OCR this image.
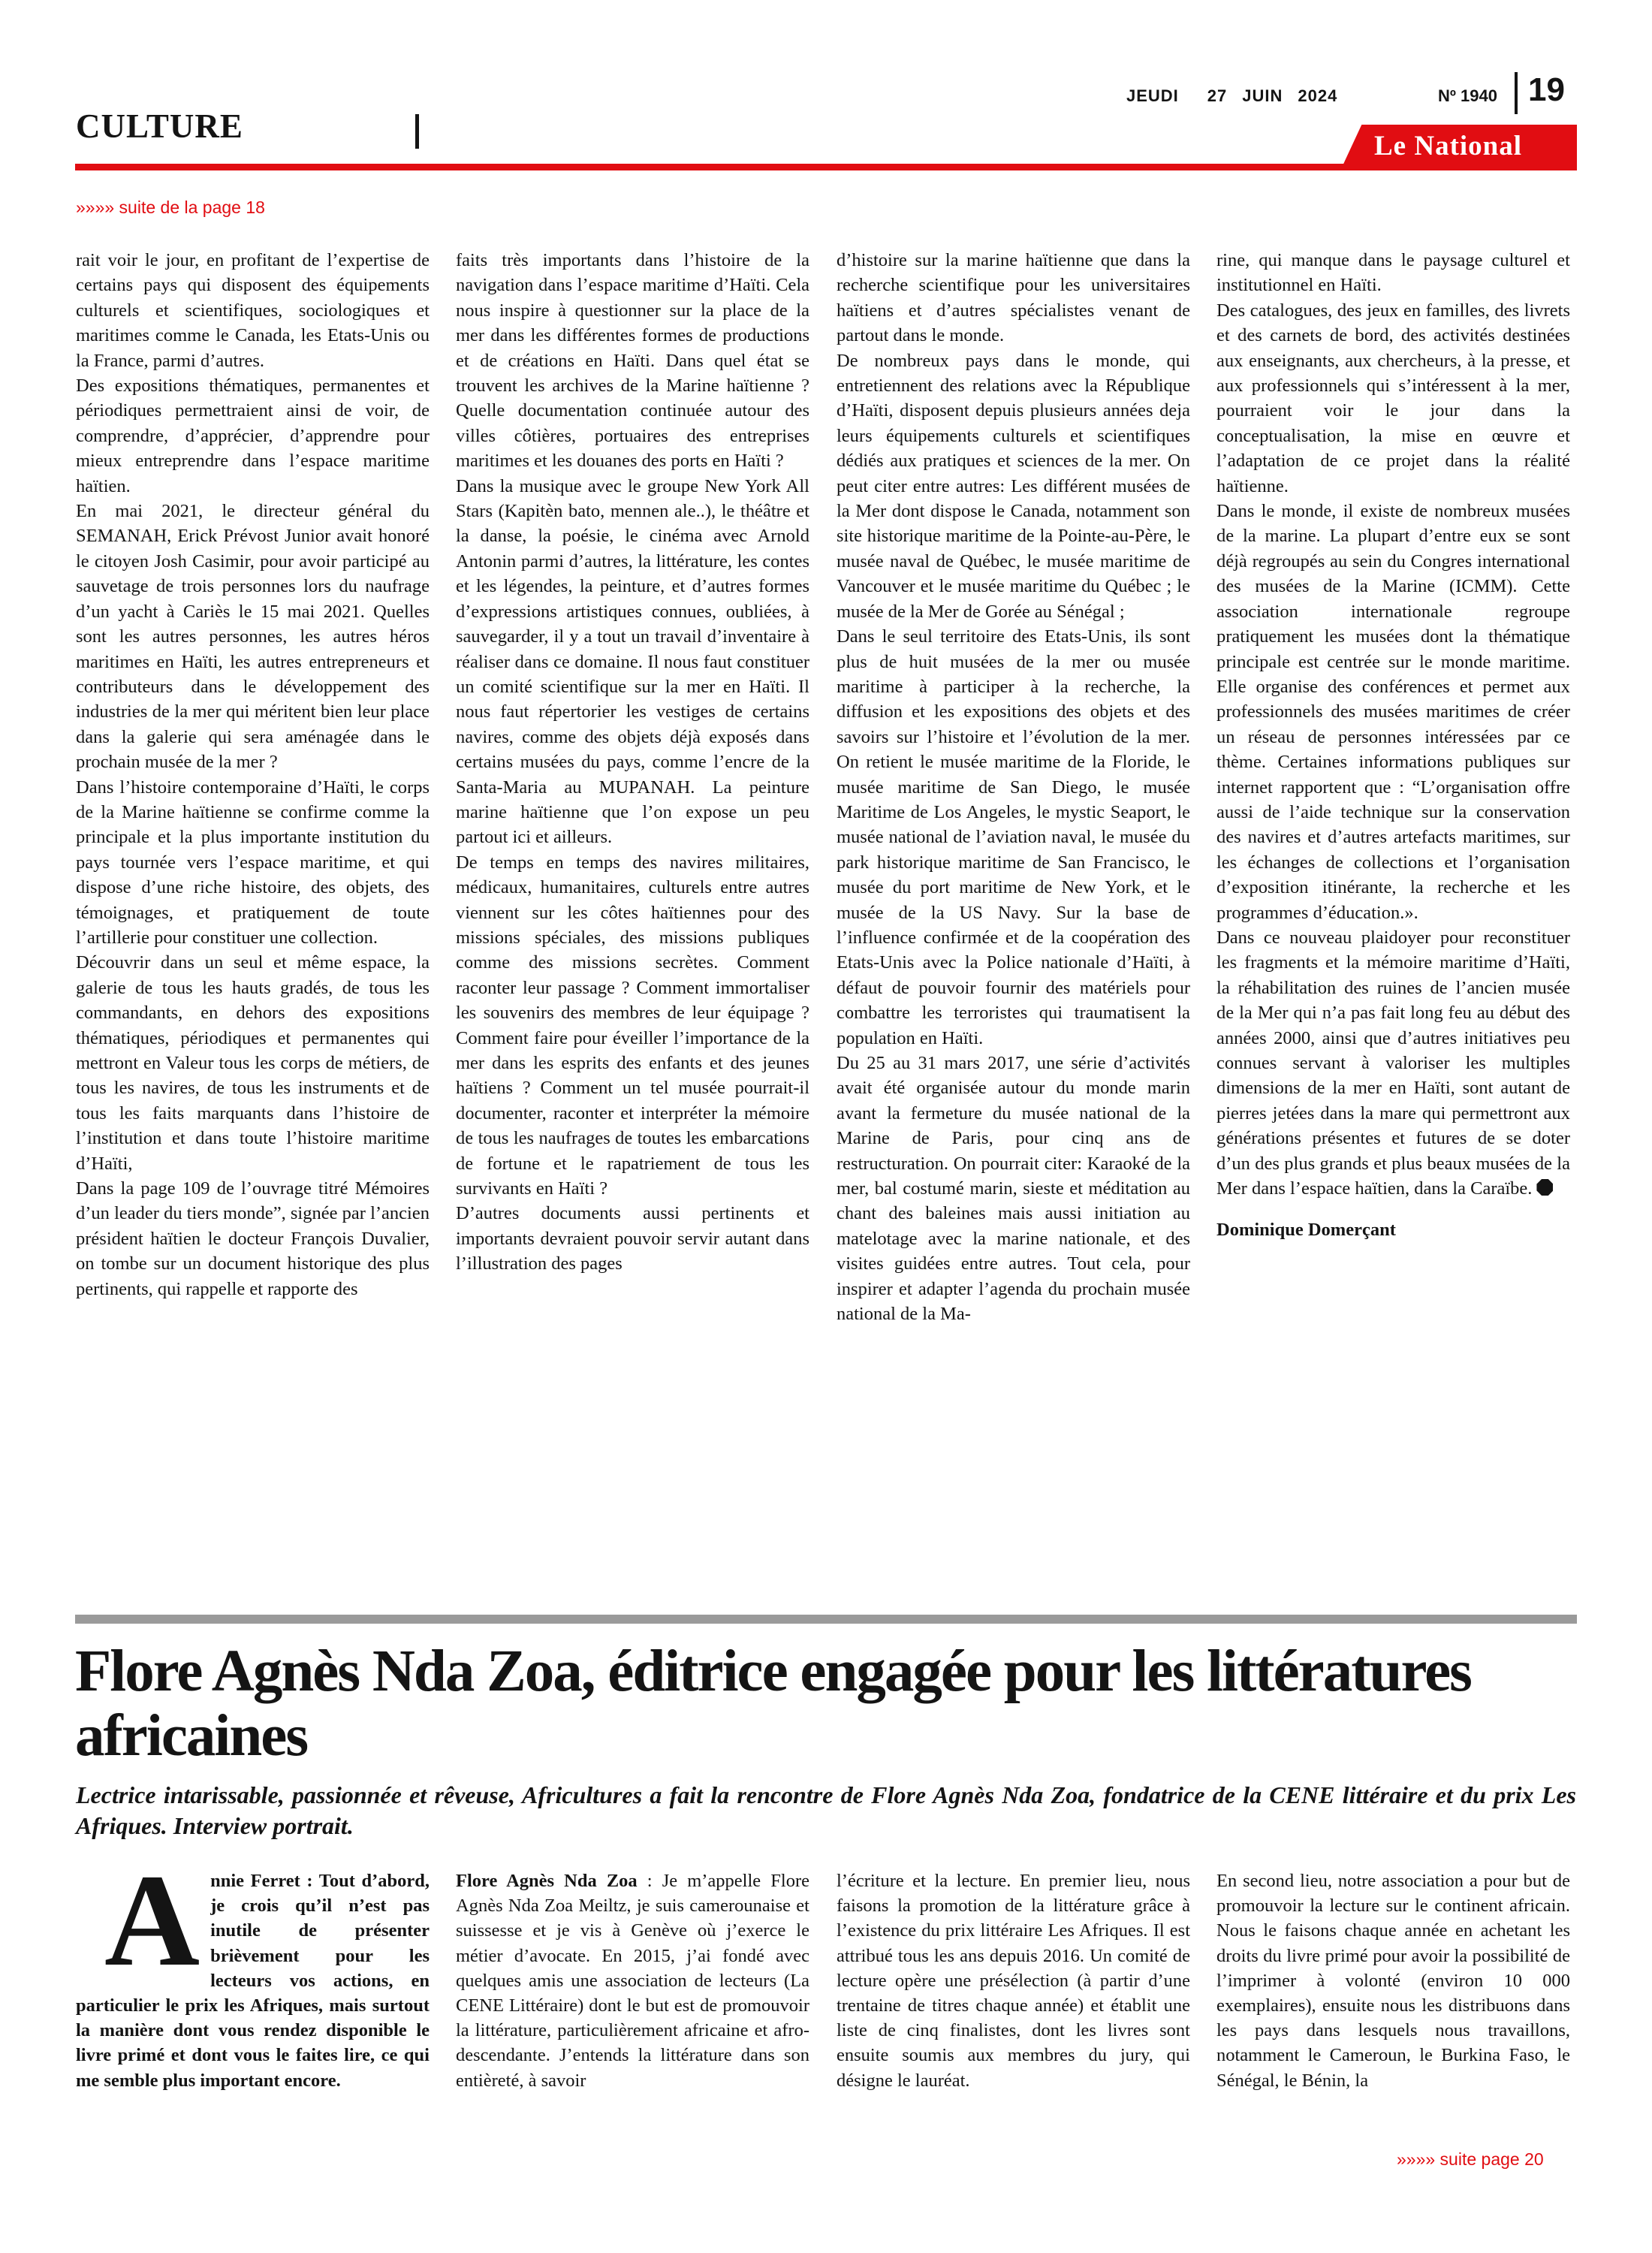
CULTURE
JEUDI 27 JUIN 2024	Nº 1940 19
Le National
»»»» suite de la page 18

rait voir le jour, en profitant de l’expertise de certains pays qui disposent des équipements culturels et scientifiques, sociologiques et maritimes comme le Canada, les Etats-Unis ou la France, parmi d’autres.

Des expositions thématiques, permanentes et périodiques permettraient ainsi de voir, de comprendre, d’apprécier, d’apprendre pour mieux entreprendre dans l’espace maritime haïtien.

En mai 2021, le directeur général du SEMANAH, Erick Prévost Junior avait honoré le citoyen Josh Casimir, pour avoir participé au sauvetage de trois personnes lors du naufrage d’un yacht à Cariès le 15 mai 2021. Quelles sont les autres personnes, les autres héros maritimes en Haïti, les autres entrepreneurs et contributeurs dans le développement des industries de la mer qui méritent bien leur place dans la galerie qui sera aménagée dans le prochain musée de la mer ?

Dans l’histoire contemporaine d’Haïti, le corps de la Marine haïtienne se confirme comme la principale et la plus importante institution du pays tournée vers l’espace maritime, et qui dispose d’une riche histoire, des objets, des témoignages, et pratiquement de toute l’artillerie pour constituer une collection.

Découvrir dans un seul et même espace, la galerie de tous les hauts gradés, de tous les commandants, en dehors des expositions thématiques, périodiques et permanentes qui mettront en Valeur tous les corps de métiers, de tous les navires, de tous les instruments et de tous les faits marquants dans l’histoire de l’institution et dans toute l’histoire maritime d’Haïti,

Dans la page 109 de l’ouvrage titré Mémoires d’un leader du tiers monde”, signée par l’ancien président haïtien le docteur François Duvalier, on tombe sur un document historique des plus pertinents, qui rappelle et rapporte des

faits très importants dans l’histoire de la navigation dans l’espace maritime d’Haïti. Cela nous inspire à questionner sur la place de la mer dans les différentes formes de productions et de créations en Haïti. Dans quel état se trouvent les archives de la Marine haïtienne ? Quelle documentation continuée autour des villes côtières, portuaires des entreprises maritimes et les douanes des ports en Haïti ?

Dans la musique avec le groupe New York All Stars (Kapitèn bato, mennen ale..), le théâtre et la danse, la poésie, le cinéma avec Arnold Antonin parmi d’autres, la littérature, les contes et les légendes, la peinture, et d’autres formes d’expressions artistiques connues, oubliées, à sauvegarder, il y a tout un travail d’inventaire à réaliser dans ce domaine. Il nous faut constituer un comité scientifique sur la mer en Haïti. Il nous faut répertorier les vestiges de certains navires, comme des objets déjà exposés dans certains musées du pays, comme l’encre de la Santa-Maria au MUPANAH. La peinture marine haïtienne que l’on expose un peu partout ici et ailleurs.

De temps en temps des navires militaires, médicaux, humanitaires, culturels entre autres viennent sur les côtes haïtiennes pour des missions spéciales, des missions publiques comme des missions secrètes. Comment raconter leur passage ? Comment immortaliser les souvenirs des membres de leur équipage ? Comment faire pour éveiller l’importance de la mer dans les esprits des enfants et des jeunes haïtiens ? Comment un tel musée pourrait-il documenter, raconter et interpréter la mémoire de tous les naufrages de toutes les embarcations de fortune et le rapatriement de tous les survivants en Haïti ?

D’autres documents aussi pertinents et importants devraient pouvoir servir autant dans l’illustration des pages

d’histoire sur la marine haïtienne que dans la recherche scientifique pour les universitaires haïtiens et d’autres spécialistes venant de partout dans le monde.

De nombreux pays dans le monde, qui entretiennent des relations avec la République d’Haïti, disposent depuis plusieurs années deja leurs équipements culturels et scientifiques dédiés aux pratiques et sciences de la mer. On peut citer entre autres: Les différent musées de la Mer dont dispose le Canada, notamment son site historique maritime de la Pointe-au-Père, le musée naval de Québec, le musée maritime de Vancouver et le musée maritime du Québec ; le musée de la Mer de Gorée au Sénégal ;

Dans le seul territoire des Etats-Unis, ils sont plus de huit musées de la mer ou musée maritime à participer à la recherche, la diffusion et les expositions des objets et des savoirs sur l’histoire et l’évolution de la mer. On retient le musée maritime de la Floride, le musée maritime de San Diego, le musée Maritime de Los Angeles, le mystic Seaport, le musée national de l’aviation naval, le musée du park historique maritime de San Francisco, le musée du port maritime de New York, et le musée de la US Navy. Sur la base de l’influence confirmée et de la coopération des Etats-Unis avec la Police nationale d’Haïti, à défaut de pouvoir fournir des matériels pour combattre les terroristes qui traumatisent la population en Haïti.

Du 25 au 31 mars 2017, une série d’activités avait été organisée autour du monde marin avant la fermeture du musée national de la Marine de Paris, pour cinq ans de restructuration. On pourrait citer: Karaoké de la mer, bal costumé marin, sieste et méditation au chant des baleines mais aussi initiation au matelotage avec la marine nationale, et des visites guidées entre autres. Tout cela, pour inspirer et adapter l’agenda du prochain musée national de la Ma-

rine, qui manque dans le paysage culturel et institutionnel en Haïti.

Des catalogues, des jeux en familles, des livrets et des carnets de bord, des activités destinées aux enseignants, aux chercheurs, à la presse, et aux professionnels qui s’intéressent à la mer, pourraient voir le jour dans la conceptualisation, la mise en œuvre et l’adaptation de ce projet dans la réalité haïtienne.

Dans le monde, il existe de nombreux musées de la marine. La plupart d’entre eux se sont déjà regroupés au sein du Congres international des musées de la Marine (ICMM). Cette association internationale regroupe pratiquement les musées dont la thématique principale est centrée sur le monde maritime. Elle organise des conférences et permet aux professionnels des musées maritimes de créer un réseau de personnes intéressées par ce thème. Certaines informations publiques sur internet rapportent que : “L’organisation offre aussi de l’aide technique sur la conservation des navires et d’autres artefacts maritimes, sur les échanges de collections et l’organisation d’exposition itinérante, la recherche et les programmes d’éducation.».

Dans ce nouveau plaidoyer pour reconstituer les fragments et la mémoire maritime d’Haïti, la réhabilitation des ruines de l’ancien musée de la Mer qui n’a pas fait long feu au début des années 2000, ainsi que d’autres initiatives peu connues servant à valoriser les multiples dimensions de la mer en Haïti, sont autant de pierres jetées dans la mare qui permettront aux générations présentes et futures de se doter d’un des plus grands et plus beaux musées de la Mer dans l’espace haïtien, dans la Caraïbe.

Dominique Domerçant

Flore Agnès Nda Zoa, éditrice engagée pour les littératures africaines
Lectrice intarissable, passionnée et rêveuse, Africultures a fait la rencontre de Flore Agnès Nda Zoa, fondatrice de la CENE littéraire et du prix Les Afriques. Interview portrait.
A nnie Ferret : Tout d’abord, je crois qu’il n’est pas inutile de présenter brièvement pour les lecteurs vos actions, en particulier le prix les Afriques, mais surtout la manière dont vous rendez disponible le livre primé et dont vous le faites lire, ce qui me semble plus important encore.

Flore Agnès Nda Zoa : Je m’appelle Flore Agnès Nda Zoa Meiltz, je suis camerounaise et suissesse et je vis à Genève où j’exerce le métier d’avocate. En 2015, j’ai fondé avec quelques amis une association de lecteurs (La CENE Littéraire) dont le but est de promouvoir la littérature, particulièrement africaine et afro-descendante. J’entends la littérature dans son entièreté, à savoir

l’écriture et la lecture. En premier lieu, nous faisons la promotion de la littérature grâce à l’existence du prix littéraire Les Afriques. Il est attribué tous les ans depuis 2016. Un comité de lecture opère une présélection (à partir d’une trentaine de titres chaque année) et établit une liste de cinq finalistes, dont les livres sont ensuite soumis aux membres du jury, qui désigne le lauréat.

En second lieu, notre association a pour but de promouvoir la lecture sur le continent africain. Nous le faisons chaque année en achetant les droits du livre primé pour avoir la possibilité de l’imprimer à volonté (environ 10 000 exemplaires), ensuite nous les distribuons dans les pays dans lesquels nous travaillons, notamment le Cameroun, le Burkina Faso, le Sénégal, le Bénin, la

»»»» suite page 20
